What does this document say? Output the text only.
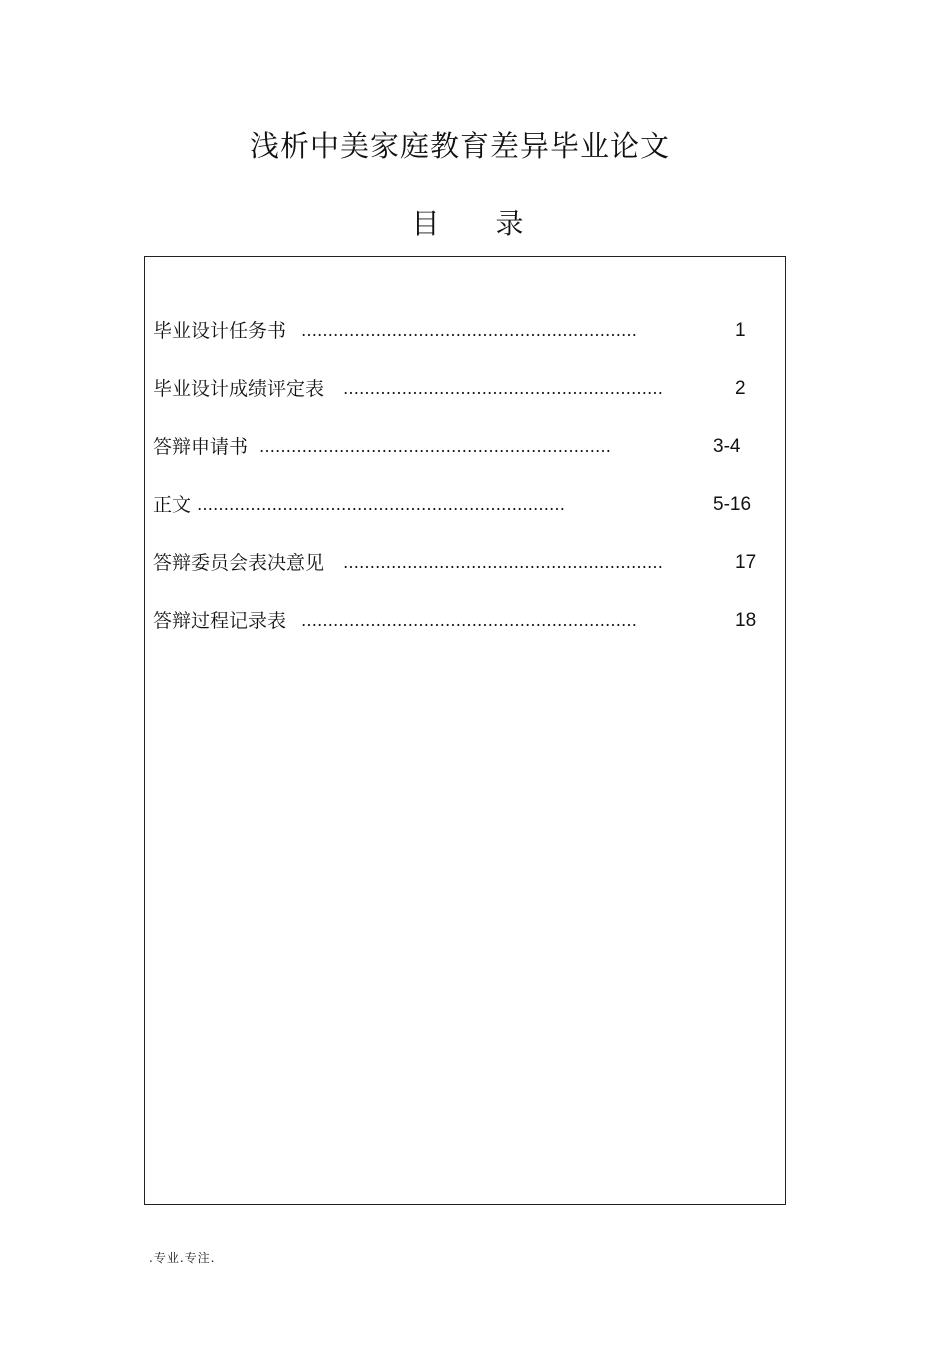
浅析中美家庭教育差异毕业论文
目 录
毕业设计任务书 ………………………………………………………	1
毕业设计成绩评定表 ……………………………………………………	2
答辩申请书 …………………………………………………………	3-4
正文 ……………………………………………………………	5-16
答辩委员会表决意见 ……………………………………………………	17
答辩过程记录表 ………………………………………………………	18
.专业.专注.
